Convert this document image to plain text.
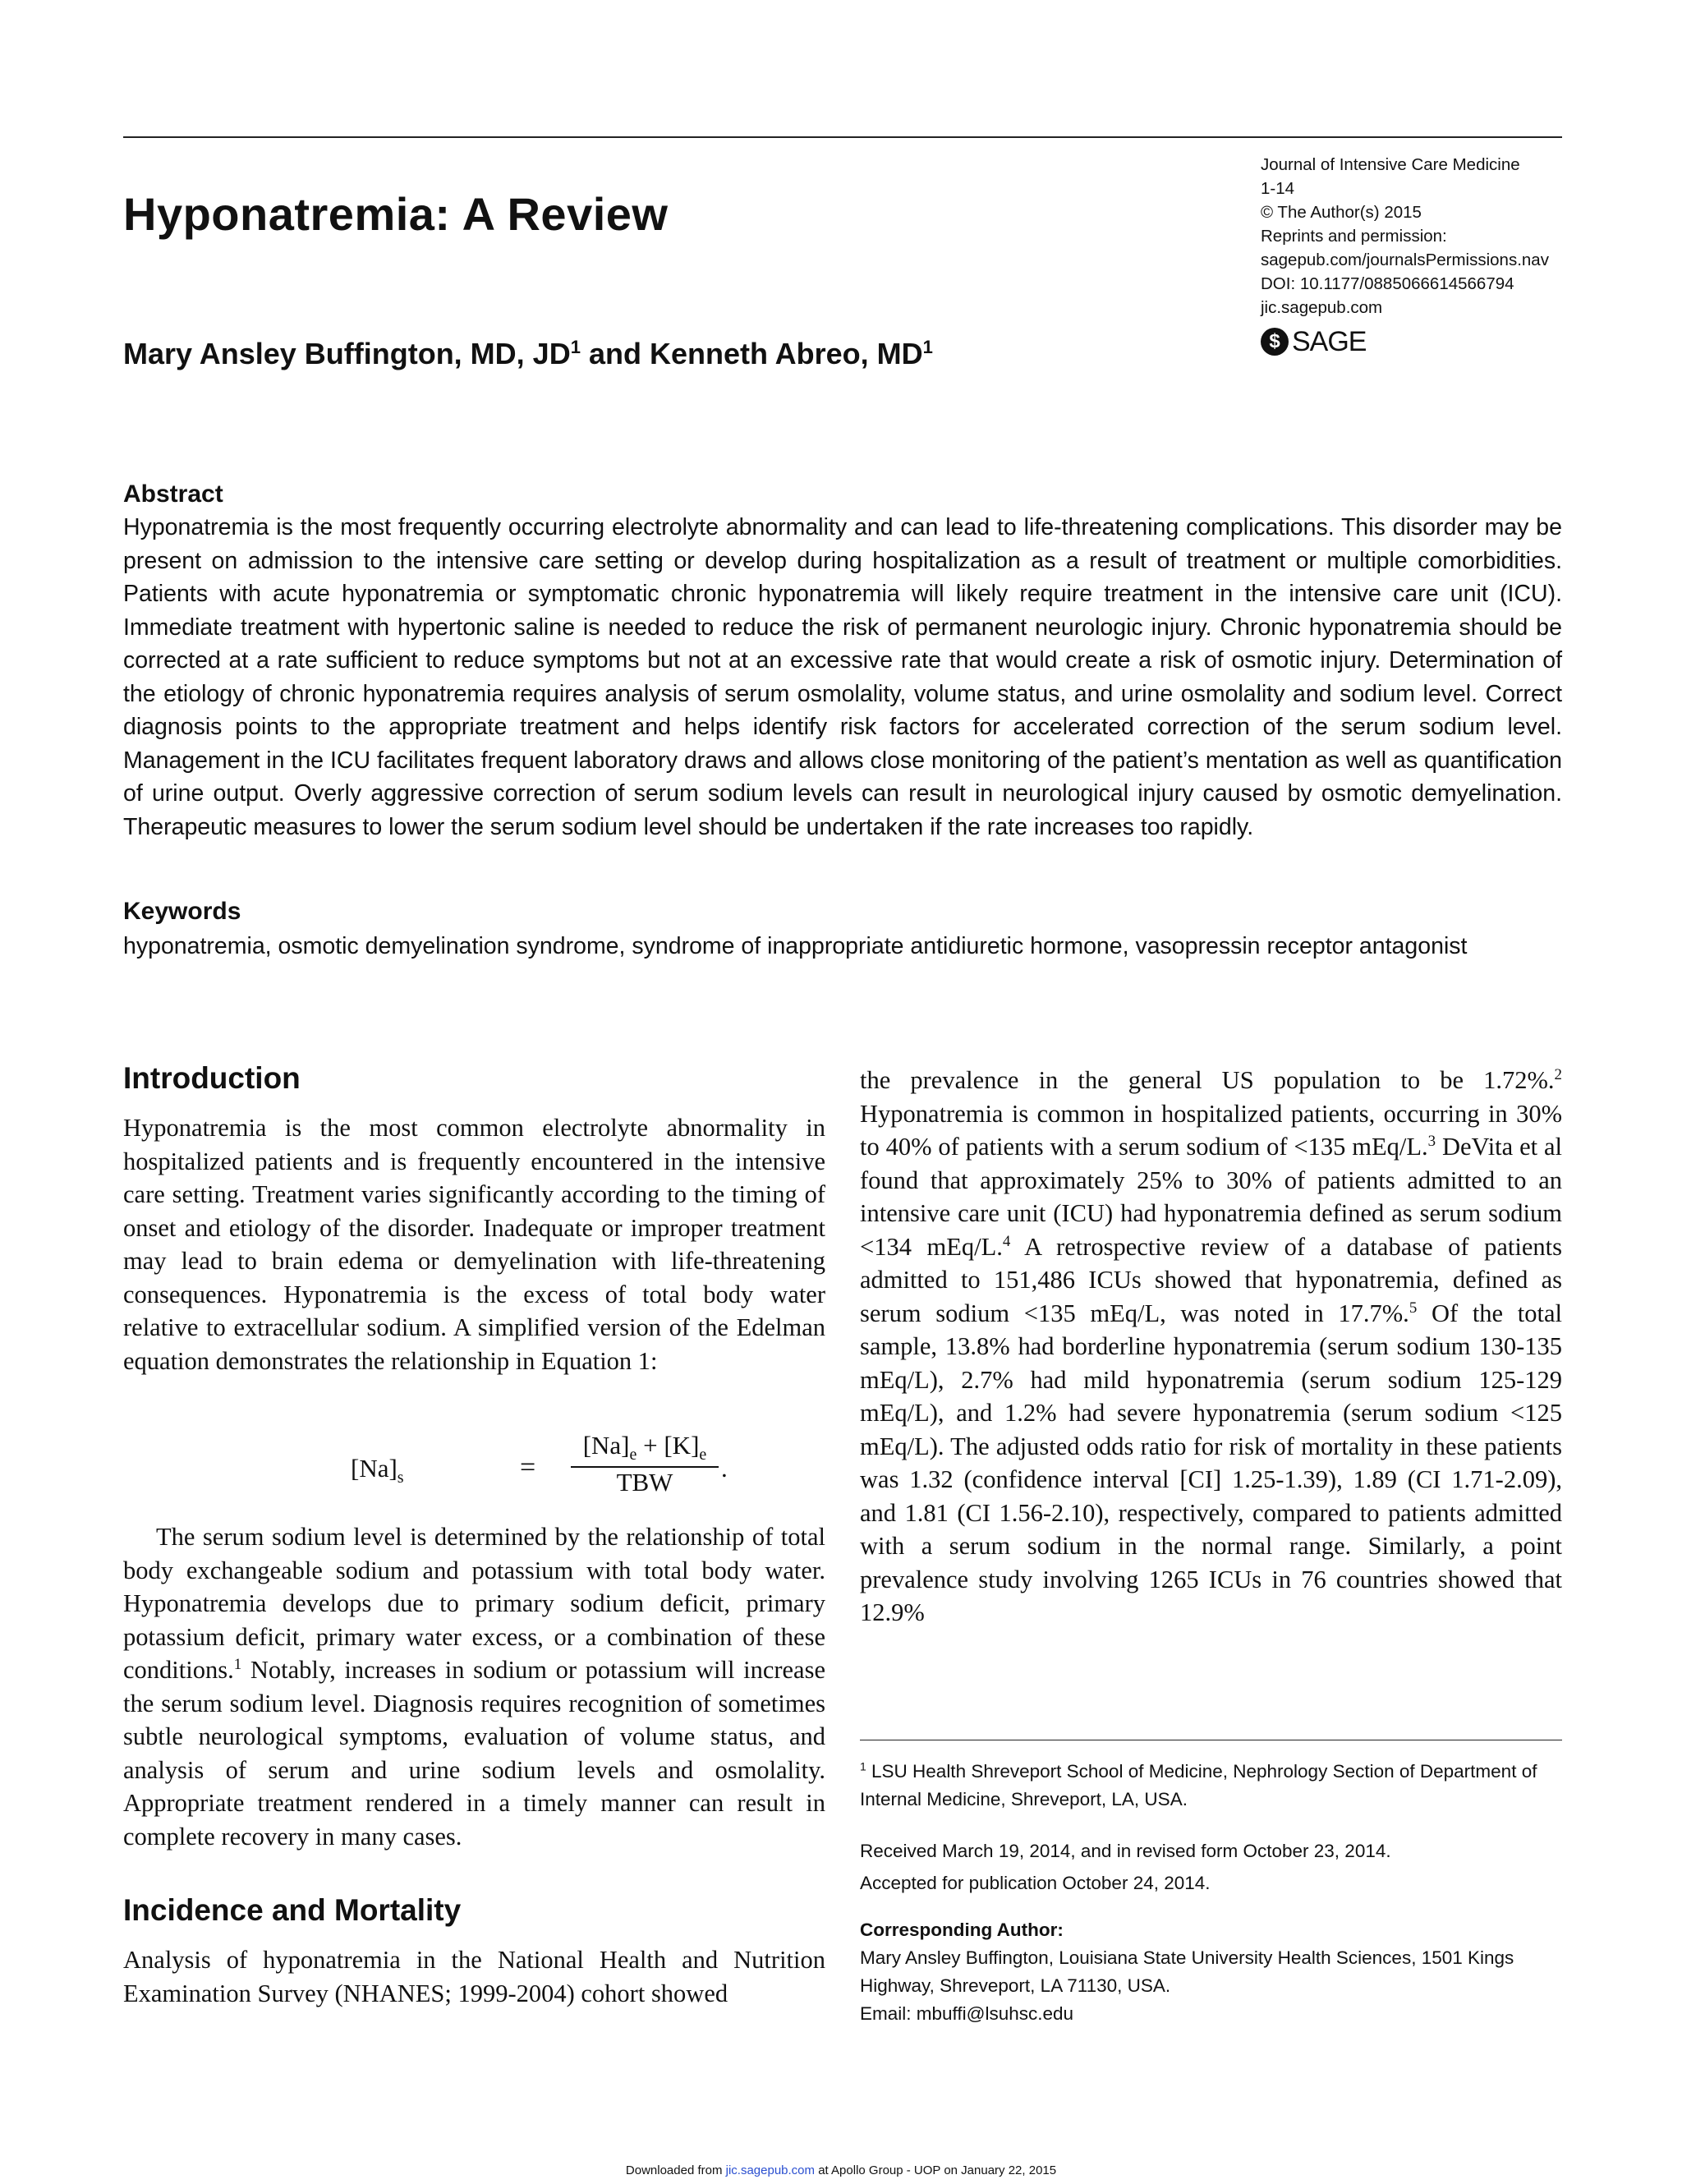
Hyponatremia: A Review
Mary Ansley Buffington, MD, $JD^1$ and Kenneth Abreo, $MD^1$
Journal of Intensive Care Medicine
1-14
© The Author(s) 2015
Reprints and permission:
sagepub.com/journalsPermissions.nav
DOI: 10.1177/0885066614566794
jic.sagepub.com
$ SAGE
Abstract
Hyponatremia is the most frequently occurring electrolyte abnormality and can lead to life-threatening complications. This disorder may be present on admission to the intensive care setting or develop during hospitalization as a result of treatment or multiple comorbidities. Patients with acute hyponatremia or symptomatic chronic hyponatremia will likely require treatment in the intensive care unit (ICU). Immediate treatment with hypertonic saline is needed to reduce the risk of permanent neurologic injury. Chronic hyponatremia should be corrected at a rate sufficient to reduce symptoms but not at an excessive rate that would create a risk of osmotic injury. Determination of the etiology of chronic hyponatremia requires analysis of serum osmolality, volume status, and urine osmolality and sodium level. Correct diagnosis points to the appropriate treatment and helps identify risk factors for accelerated correction of the serum sodium level. Management in the ICU facilitates frequent laboratory draws and allows close monitoring of the patient’s mentation as well as quantification of urine output. Overly aggressive correction of serum sodium levels can result in neurological injury caused by osmotic demyelination. Therapeutic measures to lower the serum sodium level should be undertaken if the rate increases too rapidly.
Keywords
hyponatremia, osmotic demyelination syndrome, syndrome of inappropriate antidiuretic hormone, vasopressin receptor antagonist
Introduction

Hyponatremia is the most common electrolyte abnormality in hospitalized patients and is frequently encountered in the intensive care setting. Treatment varies significantly according to the timing of onset and etiology of the disorder. Inadequate or improper treatment may lead to brain edema or demyelination with life-threatening consequences. Hyponatremia is the excess of total body water relative to extracellular sodium. A simplified version of the Edelman equation demonstrates the relationship in Equation 1:

$[Na]_s$	=
$[Na]_e + [K]_e$
TBW	.

The serum sodium level is determined by the relationship of total body exchangeable sodium and potassium with total body water. Hyponatremia develops due to primary sodium deficit, primary potassium deficit, primary water excess, or a combination of these conditions.$^1$ Notably, increases in sodium or potassium will increase the serum sodium level. Diagnosis requires recognition of sometimes subtle neurological symptoms, evaluation of volume status, and analysis of serum and urine sodium levels and osmolality. Appropriate treatment rendered in a timely manner can result in complete recovery in many cases.

Incidence and Mortality
Analysis of hyponatremia in the National Health and Nutrition Examination Survey (NHANES; 1999-2004) cohort showed

the prevalence in the general US population to be 1.72%.$^2$ Hyponatremia is common in hospitalized patients, occurring in 30% to 40% of patients with a serum sodium of <135 mEq/L.$^3$ DeVita et al found that approximately 25% to 30% of patients admitted to an intensive care unit (ICU) had hyponatremia defined as serum sodium <134 mEq/L.$^4$ A retrospective review of a database of patients admitted to 151,486 ICUs showed that hyponatremia, defined as serum sodium <135 mEq/L, was noted in 17.7%.$^5$ Of the total sample, 13.8% had borderline hyponatremia (serum sodium 130-135 mEq/L), 2.7% had mild hyponatremia (serum sodium 125-129 mEq/L), and 1.2% had severe hyponatremia (serum sodium <125 mEq/L). The adjusted odds ratio for risk of mortality in these patients was 1.32 (confidence interval [CI] 1.25-1.39), 1.89 (CI 1.71-2.09), and 1.81 (CI 1.56-2.10), respectively, compared to patients admitted with a serum sodium in the normal range. Similarly, a point prevalence study involving 1265 ICUs in 76 countries showed that 12.9%

$^1$ LSU Health Shreveport School of Medicine, Nephrology Section of Department of Internal Medicine, Shreveport, LA, USA.
Received March 19, 2014, and in revised form October 23, 2014.
Accepted for publication October 24, 2014.
Corresponding Author:
Mary Ansley Buffington, Louisiana State University Health Sciences, 1501 Kings Highway, Shreveport, LA 71130, USA.
Email: mbuffi@lsuhsc.edu
Downloaded from jic.sagepub.com at Apollo Group - UOP on January 22, 2015
